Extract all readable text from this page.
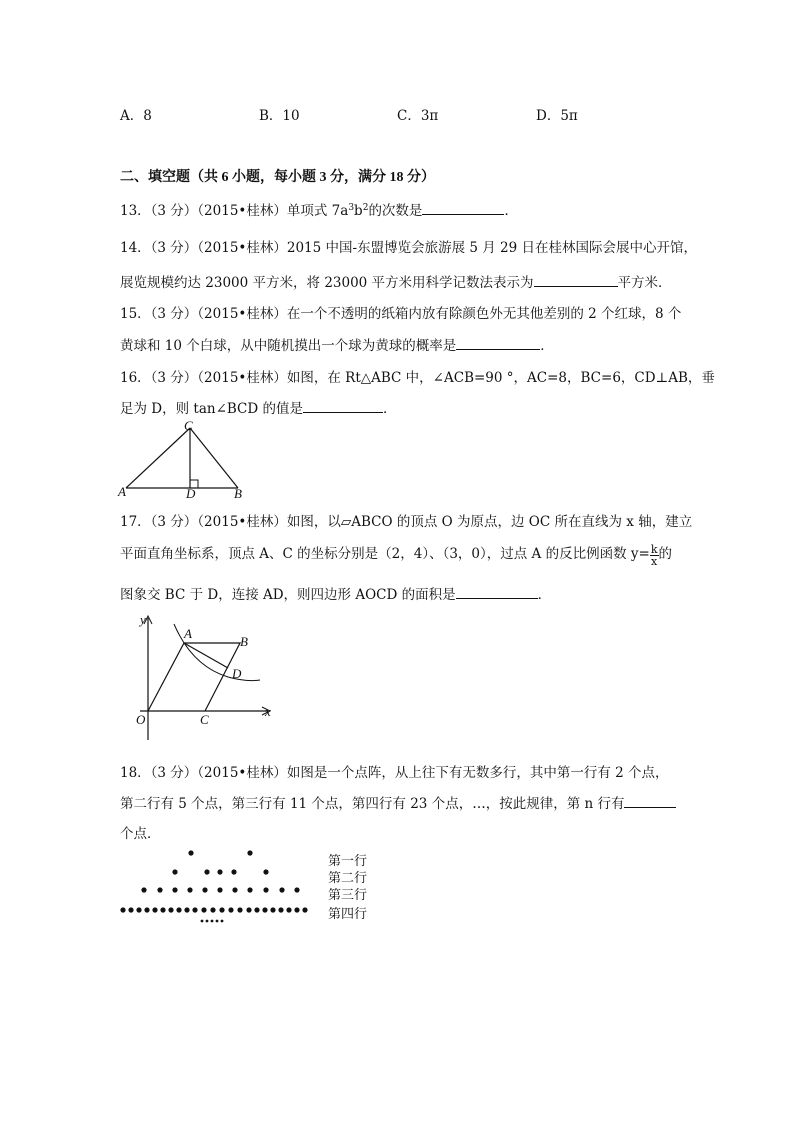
A．8	B．10	C．3π	D．5π
二、填空题（共 6 小题，每小题 3 分，满分 18 分）
13．（3 分）（2015•桂林）单项式 $7a^3b^2$的次数是	．
14．（3 分）（2015•桂林）2015 中国-东盟博览会旅游展 5 月 29 日在桂林国际会展中心开馆，
展览规模约达 23000 平方米，将 23000 平方米用科学记数法表示为	平方米．
15．（3 分）（2015•桂林）在一个不透明的纸箱内放有除颜色外无其他差别的 2 个红球，8 个
黄球和 10 个白球，从中随机摸出一个球为黄球的概率是	．
16．（3 分）（2015•桂林）如图，在 Rt△ABC 中，∠ACB=90 °，AC=8，BC=6，CD⊥AB，垂
足为 D，则 tan∠BCD 的值是	．
A	B
C
D
17．（3 分）（2015•桂林）如图，以▱ABCO 的顶点 O 为原点，边 OC 所在直线为 x 轴，建立
平面直角坐标系，顶点 A、C 的坐标分别是（2，4）、（3，0），过点 A 的反比例函数 $y= \frac{k}{x}$ 的
图象交 BC 于 D，连接 AD，则四边形 AOCD 的面积是	．
y
x
O
A
B
C
D
18．（3 分）（2015•桂林）如图是一个点阵，从上往下有无数多行，其中第一行有 2 个点，
第二行有 5 个点，第三行有 11 个点，第四行有 23 个点，…，按此规律，第 n 行有
个点．
第一行
第二行
第三行
第四行
